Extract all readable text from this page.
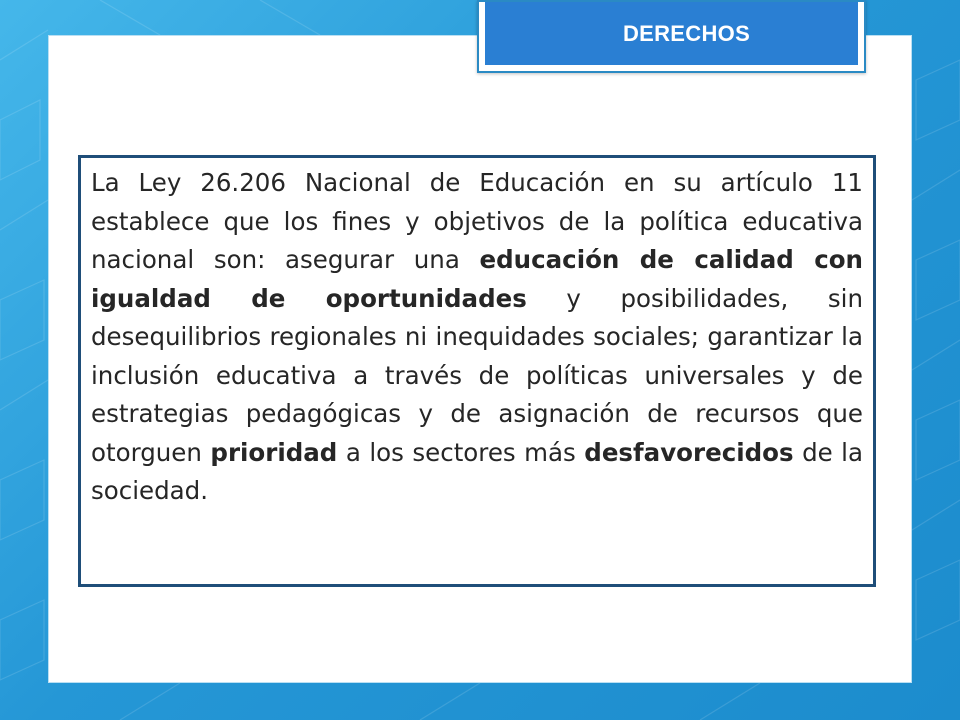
DERECHOS

La Ley 26.206 Nacional de Educación en su artículo 11 establece que los fines y objetivos de la política educativa nacional son: asegurar una educación de calidad con igualdad de oportunidades y posibilidades, sin desequilibrios regionales ni inequidades sociales; garantizar la inclusión educativa a través de políticas universales y de estrategias pedagógicas y de asignación de recursos que otorguen prioridad a los sectores más desfavorecidos de la sociedad.
